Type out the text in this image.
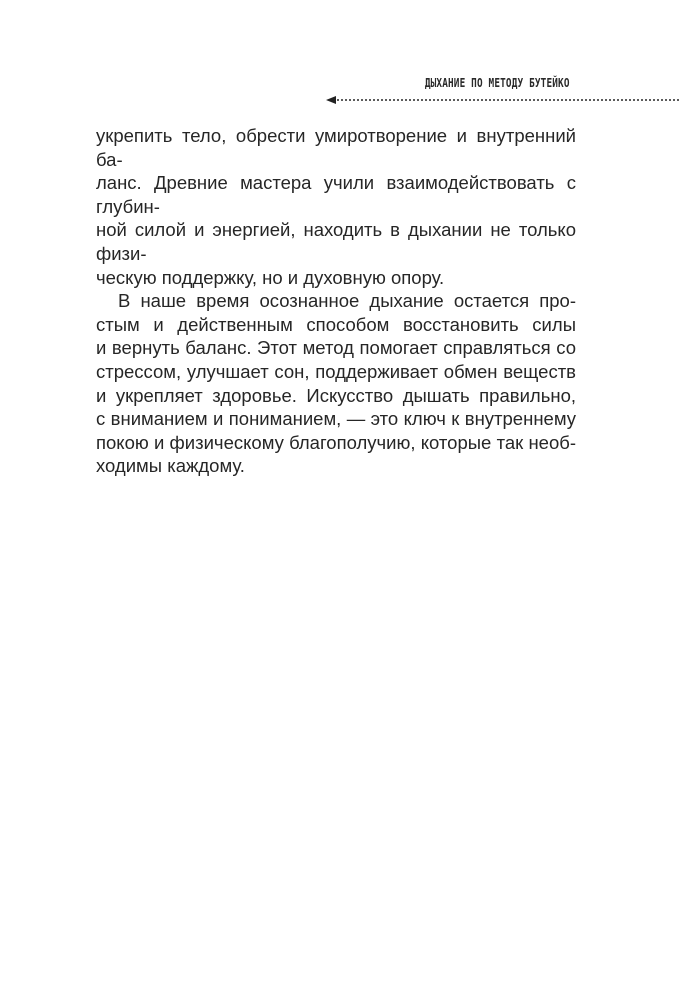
ДЫХАНИЕ ПО МЕТОДУ БУТЕЙКО

укрепить тело, обрести умиротворение и внутренний ба-

ланс. Древние мастера учили взаимодействовать с глубин-

ной силой и энергией, находить в дыхании не только физи-

ческую поддержку, но и духовную опору.

В наше время осознанное дыхание остается про-

стым и действенным способом восстановить силы

и вернуть баланс. Этот метод помогает справляться со

стрессом, улучшает сон, поддерживает обмен веществ

и укрепляет здоровье. Искусство дышать правильно,

с вниманием и пониманием, — это ключ к внутреннему

покою и физическому благополучию, которые так необ-

ходимы каждому.
